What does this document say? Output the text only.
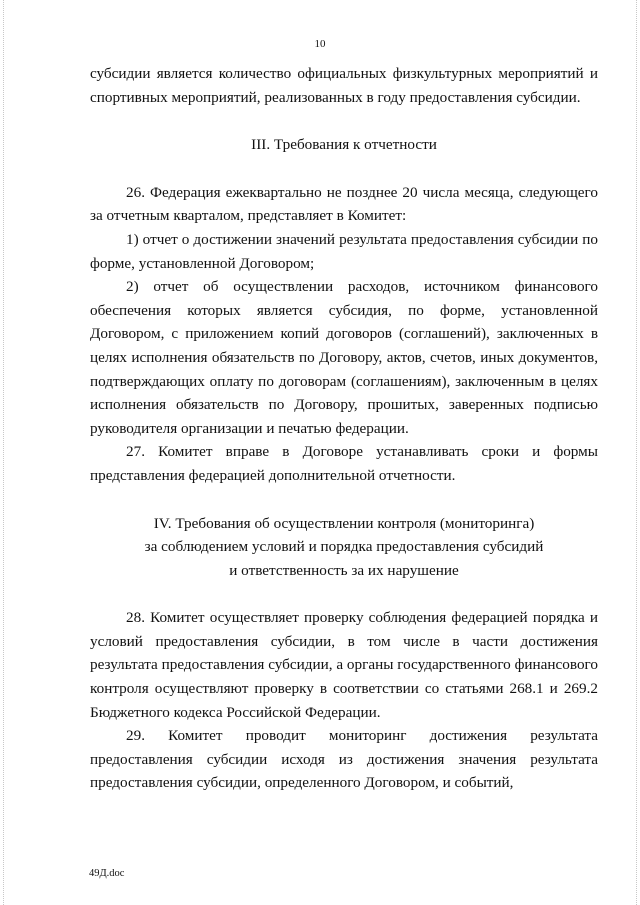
10

субсидии является количество официальных физкультурных мероприятий и спортивных мероприятий, реализованных в году предоставления субсидии.

III. Требования к отчетности

26. Федерация ежеквартально не позднее 20 числа месяца, следующего за отчетным кварталом, представляет в Комитет:

1) отчет о достижении значений результата предоставления субсидии по форме, установленной Договором;

2) отчет об осуществлении расходов, источником финансового обеспечения которых является субсидия, по форме, установленной Договором, с приложением копий договоров (соглашений), заключенных в целях исполнения обязательств по Договору, актов, счетов, иных документов, подтверждающих оплату по договорам (соглашениям), заключенным в целях исполнения обязательств по Договору, прошитых, заверенных подписью руководителя организации и печатью федерации.

27. Комитет вправе в Договоре устанавливать сроки и формы представления федерацией дополнительной отчетности.

IV. Требования об осуществлении контроля (мониторинга)
за соблюдением условий и порядка предоставления субсидий
и ответственность за их нарушение

28. Комитет осуществляет проверку соблюдения федерацией порядка и условий предоставления субсидии, в том числе в части достижения результата предоставления субсидии, а органы государственного финансового контроля осуществляют проверку в соответствии со статьями 268.1 и 269.2 Бюджетного кодекса Российской Федерации.

29. Комитет проводит мониторинг достижения результата предоставления субсидии исходя из достижения значения результата предоставления субсидии, определенного Договором, и событий,

49Д.doc
